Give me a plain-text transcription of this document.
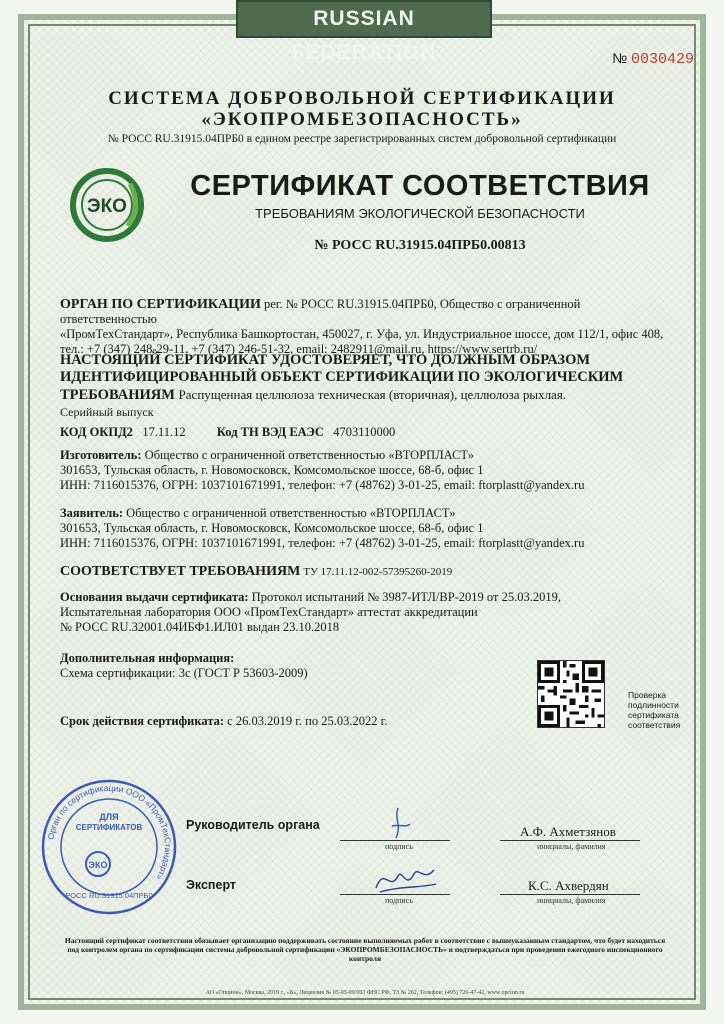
RUSSIAN FEDERATION	№ 0030429
СИСТЕМА ДОБРОВОЛЬНОЙ СЕРТИФИКАЦИИ
«ЭКОПРОМБЕЗОПАСНОСТЬ»
№ РОСС RU.31915.04ПРБ0 в едином реестре зарегистрированных систем добровольной сертификации
ЭКО
СЕРТИФИКАТ СООТВЕТСТВИЯ
ТРЕБОВАНИЯМ ЭКОЛОГИЧЕСКОЙ БЕЗОПАСНОСТИ
№ РОСС RU.31915.04ПРБ0.00813
ОРГАН ПО СЕРТИФИКАЦИИ рег. № РОСС RU.31915.04ПРБ0, Общество с ограниченной ответственностью
«ПромТехСтандарт», Республика Башкортостан, 450027, г. Уфа, ул. Индустриальное шоссе, дом 112/1, офис 408,
тел.: +7 (347) 248-29-11, +7 (347) 246-51-32, email: 2482911@mail.ru, https://www.sertrb.ru/
НАСТОЯЩИЙ СЕРТИФИКАТ УДОСТОВЕРЯЕТ, ЧТО ДОЛЖНЫМ ОБРАЗОМ
ИДЕНТИФИЦИРОВАННЫЙ ОБЪЕКТ СЕРТИФИКАЦИИ ПО ЭКОЛОГИЧЕСКИМ
ТРЕБОВАНИЯМ Распущенная целлюлоза техническая (вторичная), целлюлоза рыхлая.
Серийный выпуск
КОД ОКПД2 17.11.12	Код ТН ВЭД ЕАЭС 4703110000
Изготовитель: Общество с ограниченной ответственностью «ВТОРПЛАСТ»
301653, Тульская область, г. Новомосковск, Комсомольское шоссе, 68-б, офис 1
ИНН: 7116015376, ОГРН: 1037101671991, телефон: +7 (48762) 3-01-25, email: ftorplastt@yandex.ru
Заявитель: Общество с ограниченной ответственностью «ВТОРПЛАСТ»
301653, Тульская область, г. Новомосковск, Комсомольское шоссе, 68-б, офис 1
ИНН: 7116015376, ОГРН: 1037101671991, телефон: +7 (48762) 3-01-25, email: ftorplastt@yandex.ru
СООТВЕТСТВУЕТ ТРЕБОВАНИЯМ ТУ 17.11.12-002-57395260-2019
Основания выдачи сертификата: Протокол испытаний № 3987-ИТЛ/ВР-2019 от 25.03.2019,
Испытательная лаборатория ООО «ПромТехСтандарт» аттестат аккредитации
№ РОСС RU.32001.04ИБФ1.ИЛ01 выдан 23.10.2018
Дополнительная информация:
Схема сертификации: 3с (ГОСТ Р 53603-2009)
Срок действия сертификата: с 26.03.2019 г. по 25.03.2022 г.
Проверка
подлинности
сертификата
соответствия
Орган по сертификации ООО «ПромТехСтандарт»
ДЛЯ
СЕРТИФИКАТОВ
ЭКО
РОСС RU.31915.04ПРБ0
Руководитель органа
подпись
А.Ф. Ахметзянов
инициалы, фамилия
Эксперт
подпись
К.С. Ахвердян
инициалы, фамилия
Настоящий сертификат соответствия обязывает организацию поддерживать состояние выполняемых работ в соответствие с вышеуказанным стандартом, что будет находиться
под контролем органа по сертификации системы добровольной сертификации «ЭКОПРОМБЕЗОПАСНОСТЬ» и подтверждаться при проведении ежегодного инспекционного контроля
АО «Опцион», Москва, 2019 г., «Б», Лицензия № 05-05-09/003 ФНС РФ, ТЗ № 262, Телефон: (495) 726-47-42, www.opcion.ru
